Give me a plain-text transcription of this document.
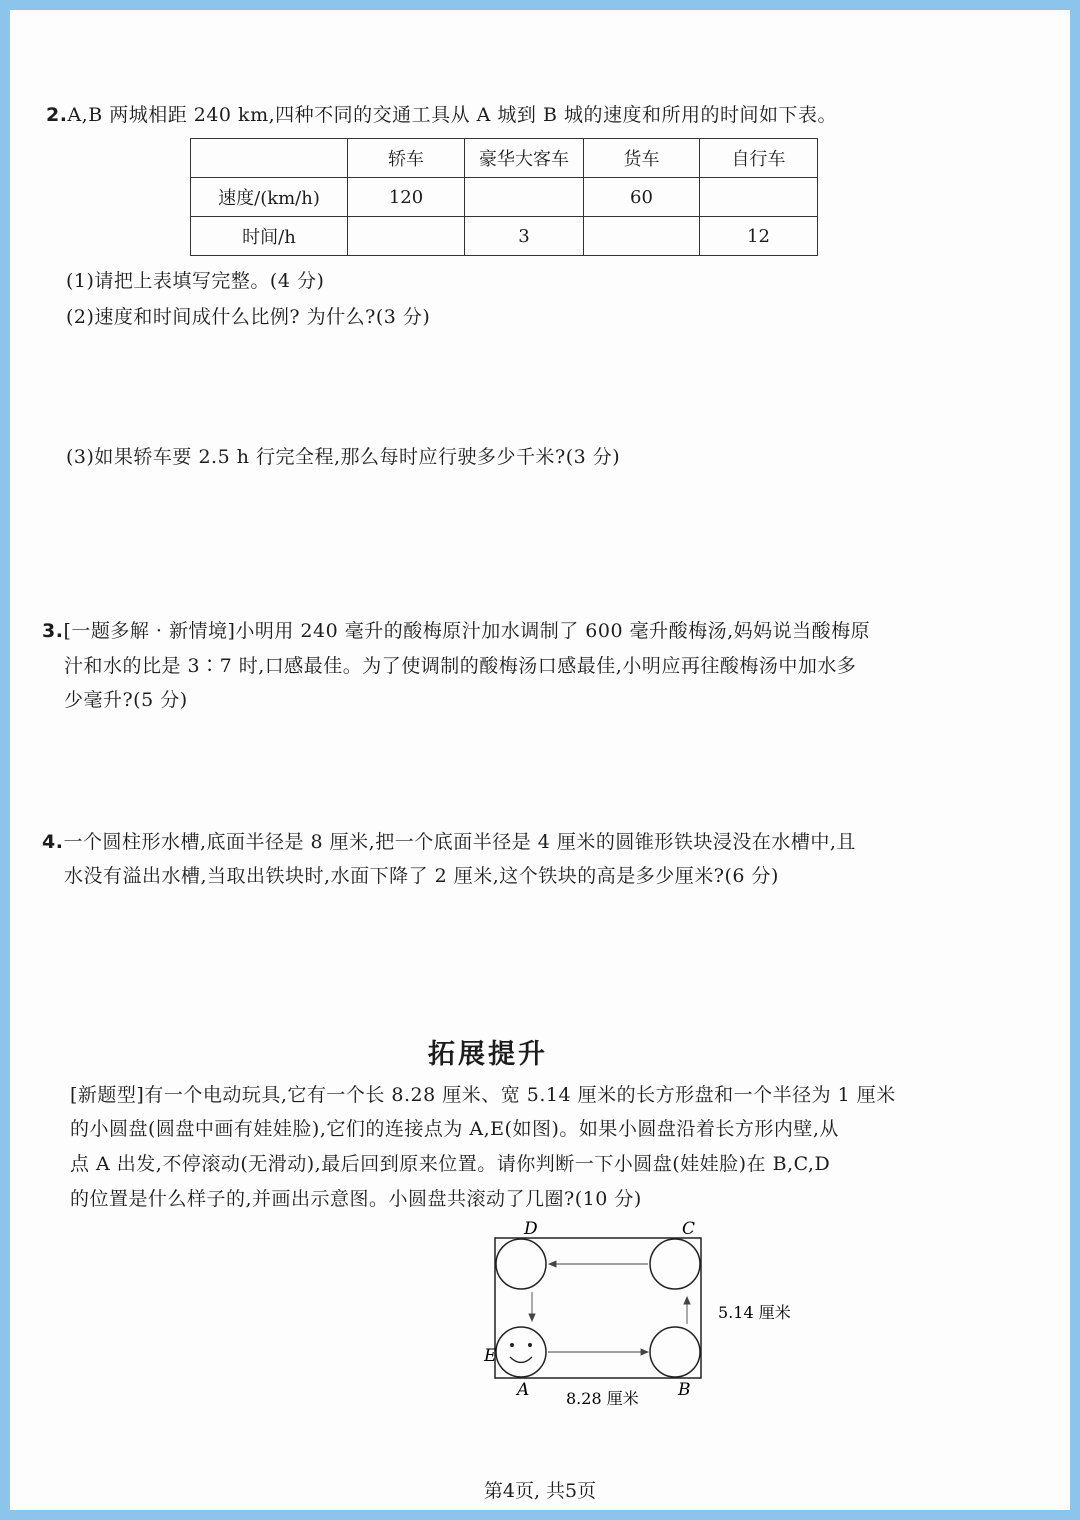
2.A,B 两城相距 240 km,四种不同的交通工具从 A 城到 B 城的速度和所用的时间如下表。
	轿车	豪华大客车	货车	自行车
速度/(km/h)	120		60	
时间/h		3		12
(1)请把上表填写完整。(4 分)
(2)速度和时间成什么比例? 为什么?(3 分)
(3)如果轿车要 2.5 h 行完全程,那么每时应行驶多少千米?(3 分)
3.[一题多解 · 新情境]小明用 240 毫升的酸梅原汁加水调制了 600 毫升酸梅汤,妈妈说当酸梅原
汁和水的比是 3∶7 时,口感最佳。为了使调制的酸梅汤口感最佳,小明应再往酸梅汤中加水多
少毫升?(5 分)
4.一个圆柱形水槽,底面半径是 8 厘米,把一个底面半径是 4 厘米的圆锥形铁块浸没在水槽中,且
水没有溢出水槽,当取出铁块时,水面下降了 2 厘米,这个铁块的高是多少厘米?(6 分)
拓展提升
[新题型]有一个电动玩具,它有一个长 8.28 厘米、宽 5.14 厘米的长方形盘和一个半径为 1 厘米
的小圆盘(圆盘中画有娃娃脸),它们的连接点为 A,E(如图)。如果小圆盘沿着长方形内壁,从
点 A 出发,不停滚动(无滑动),最后回到原来位置。请你判断一下小圆盘(娃娃脸)在 B,C,D
的位置是什么样子的,并画出示意图。小圆盘共滚动了几圈?(10 分)
D	C
E
A	B
8.28 厘米
5.14 厘米
第4页, 共5页
